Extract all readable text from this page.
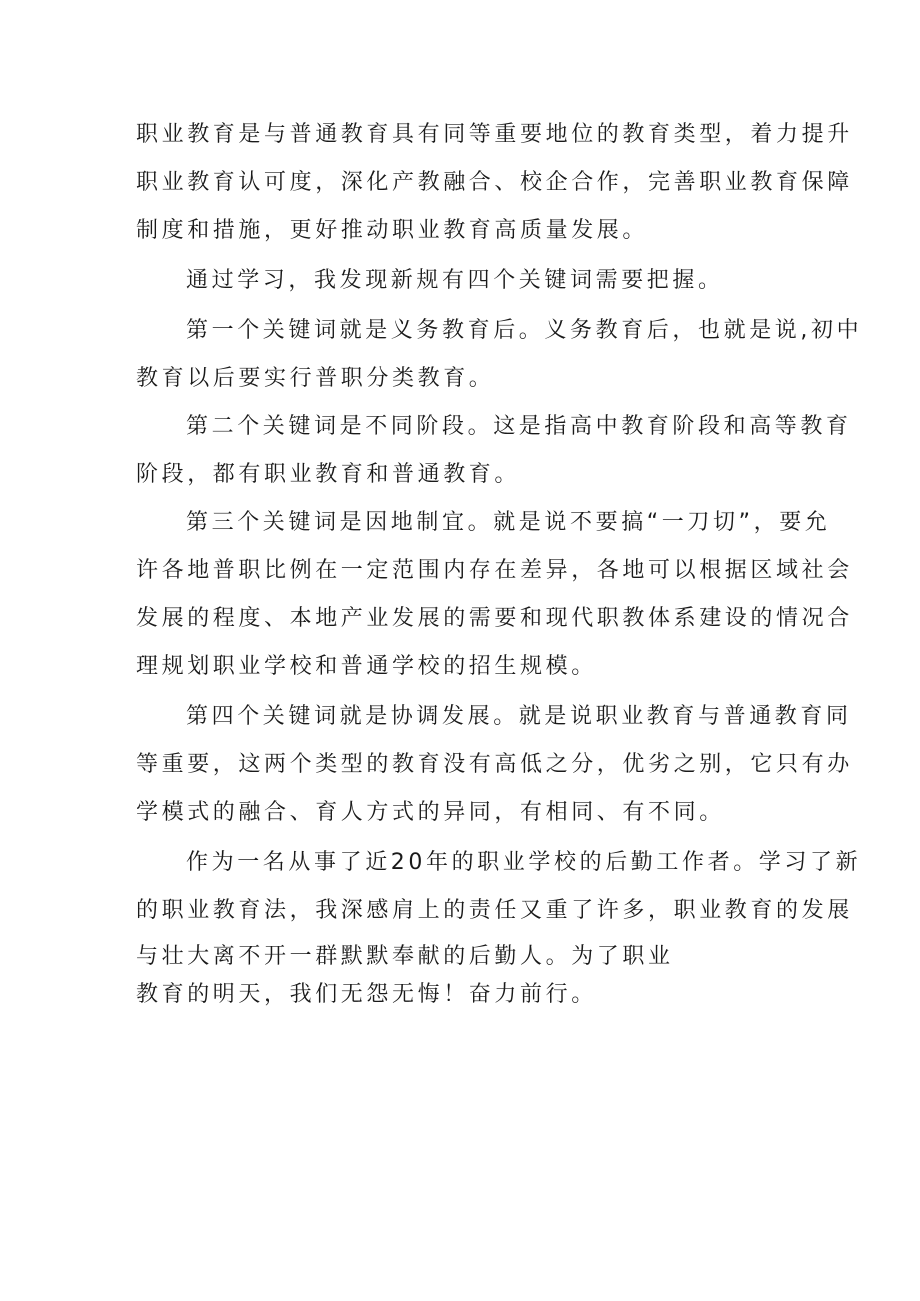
职业教育是与普通教育具有同等重要地位的教育类型，着力提升
职业教育认可度，深化产教融合、校企合作，完善职业教育保障
制度和措施，更好推动职业教育高质量发展。
通过学习，我发现新规有四个关键词需要把握。
第一个关键词就是义务教育后。义务教育后，也就是说,初中
教育以后要实行普职分类教育。
第二个关键词是不同阶段。这是指高中教育阶段和高等教育
阶段，都有职业教育和普通教育。
第三个关键词是因地制宜。就是说不要搞“一刀切”，要允
许各地普职比例在一定范围内存在差异，各地可以根据区域社会
发展的程度、本地产业发展的需要和现代职教体系建设的情况合
理规划职业学校和普通学校的招生规模。
第四个关键词就是协调发展。就是说职业教育与普通教育同
等重要，这两个类型的教育没有高低之分，优劣之别，它只有办
学模式的融合、育人方式的异同，有相同、有不同。
作为一名从事了近20年的职业学校的后勤工作者。学习了新
的职业教育法，我深感肩上的责任又重了许多，职业教育的发展
与壮大离不开一群默默奉献的后勤人。为了职业
教育的明天，我们无怨无悔！奋力前行。
